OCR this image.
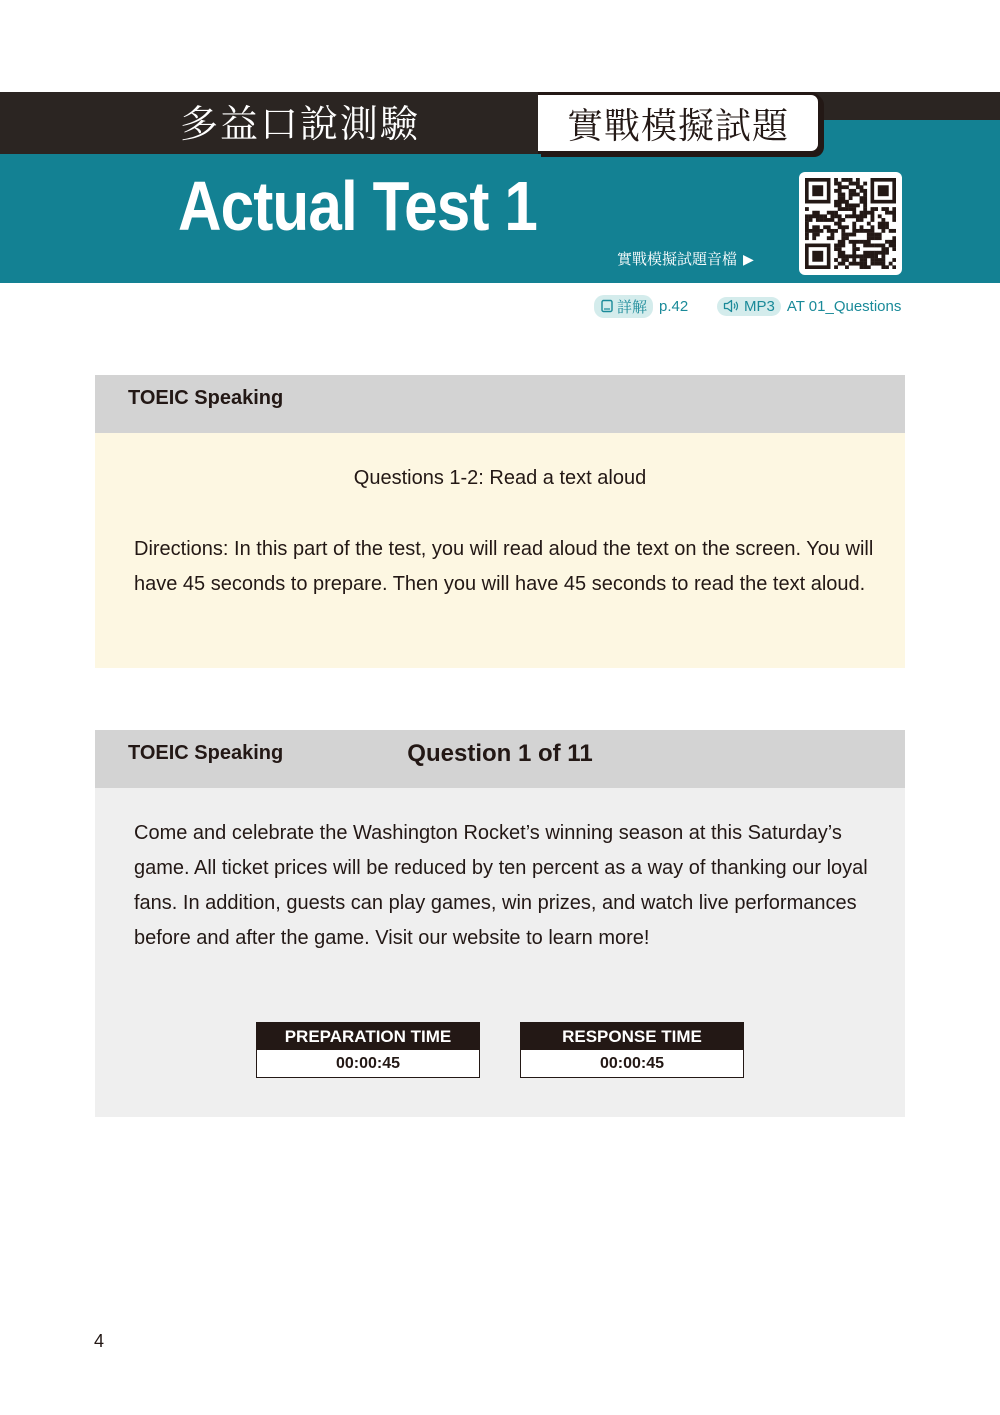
多益口說測驗	實戰模擬試題
Actual Test 1
實戰模擬試題音檔 ▶
詳解 p.42	MP3 AT 01_Questions
TOEIC Speaking
Questions 1-2: Read a text aloud
Directions: In this part of the test, you will read aloud the text on the screen. You will have 45 seconds to prepare. Then you will have 45 seconds to read the text aloud.
TOEIC Speaking	Question 1 of 11
Come and celebrate the Washington Rocket’s winning season at this Saturday’s game. All ticket prices will be reduced by ten percent as a way of thanking our loyal fans. In addition, guests can play games, win prizes, and watch live performances before and after the game. Visit our website to learn more!
PREPARATION TIME
00:00:45
RESPONSE TIME
00:00:45
4
